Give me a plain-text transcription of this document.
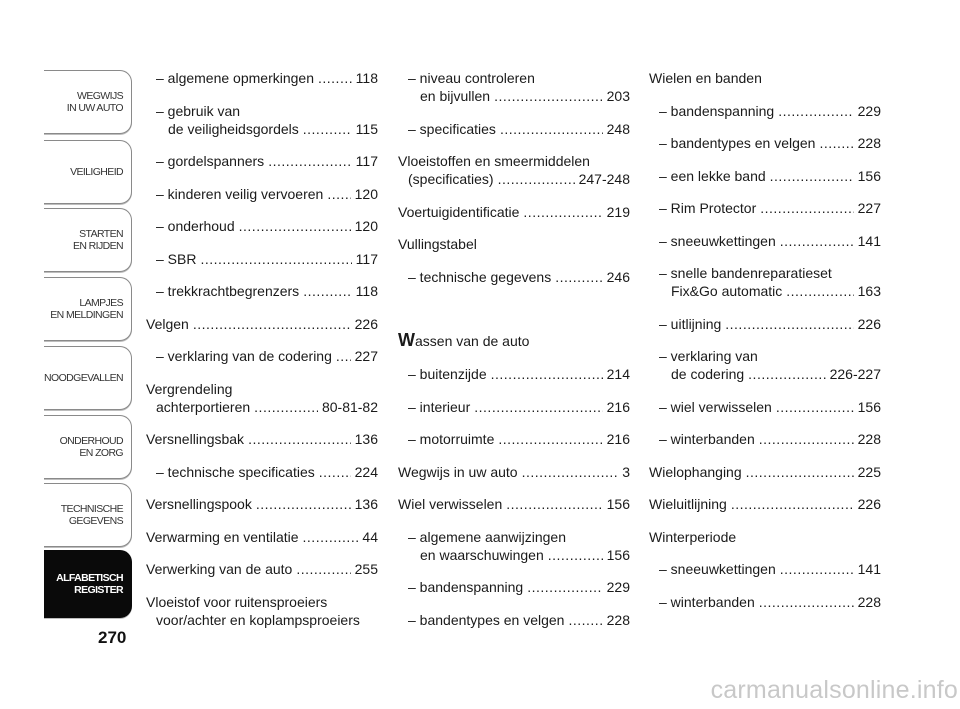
WEGWIJS
IN UW AUTO
VEILIGHEID
STARTEN
EN RIJDEN
LAMPJES
EN MELDINGEN
NOODGEVALLEN
ONDERHOUD
EN ZORG
TECHNISCHE
GEGEVENS
ALFABETISCH
REGISTER
270
– algemene opmerkingen .....	118
– gebruik van
de veiligheidsgordels .....	115
– gordelspanners .....	117
– kinderen veilig vervoeren ..... 120
– onderhoud .....	120
– SBR .....	117
– trekkrachtbegrenzers .....	118
Velgen .....	226
– verklaring van de codering ..... 227
Vergrendeling
achterportieren .....	80-81-82
Versnellingsbak .....	136
– technische specificaties .....	224
Versnellingspook .....	136
Verwarming en ventilatie .....	44
Verwerking van de auto .....	255
Vloeistof voor ruitensproeiers
voor/achter en koplampsproeiers
– niveau controleren
en bijvullen .....	203
– specificaties .....	248
Vloeistoffen en smeermiddelen
(specificaties) .....	247-248
Voertuigidentificatie .....	219
Vullingstabel
– technische gegevens .....	246
Wassen van de auto
– buitenzijde .....	214
– interieur .....	216
– motorruimte .....	216
Wegwijs in uw auto .....	3
Wiel verwisselen .....	156
– algemene aanwijzingen
en waarschuwingen .....	156
– bandenspanning .....	229
– bandentypes en velgen .....	228
Wielen en banden
– bandenspanning .....	229
– bandentypes en velgen .....	228
– een lekke band .....	156
– Rim Protector .....	227
– sneeuwkettingen .....	141
– snelle bandenreparatieset
Fix&Go automatic .....	163
– uitlijning .....	226
– verklaring van
de codering .....	226-227
– wiel verwisselen .....	156
– winterbanden .....	228
Wielophanging .....	225
Wieluitlijning .....	226
Winterperiode
– sneeuwkettingen .....	141
– winterbanden .....	228
carmanualsonline.info
